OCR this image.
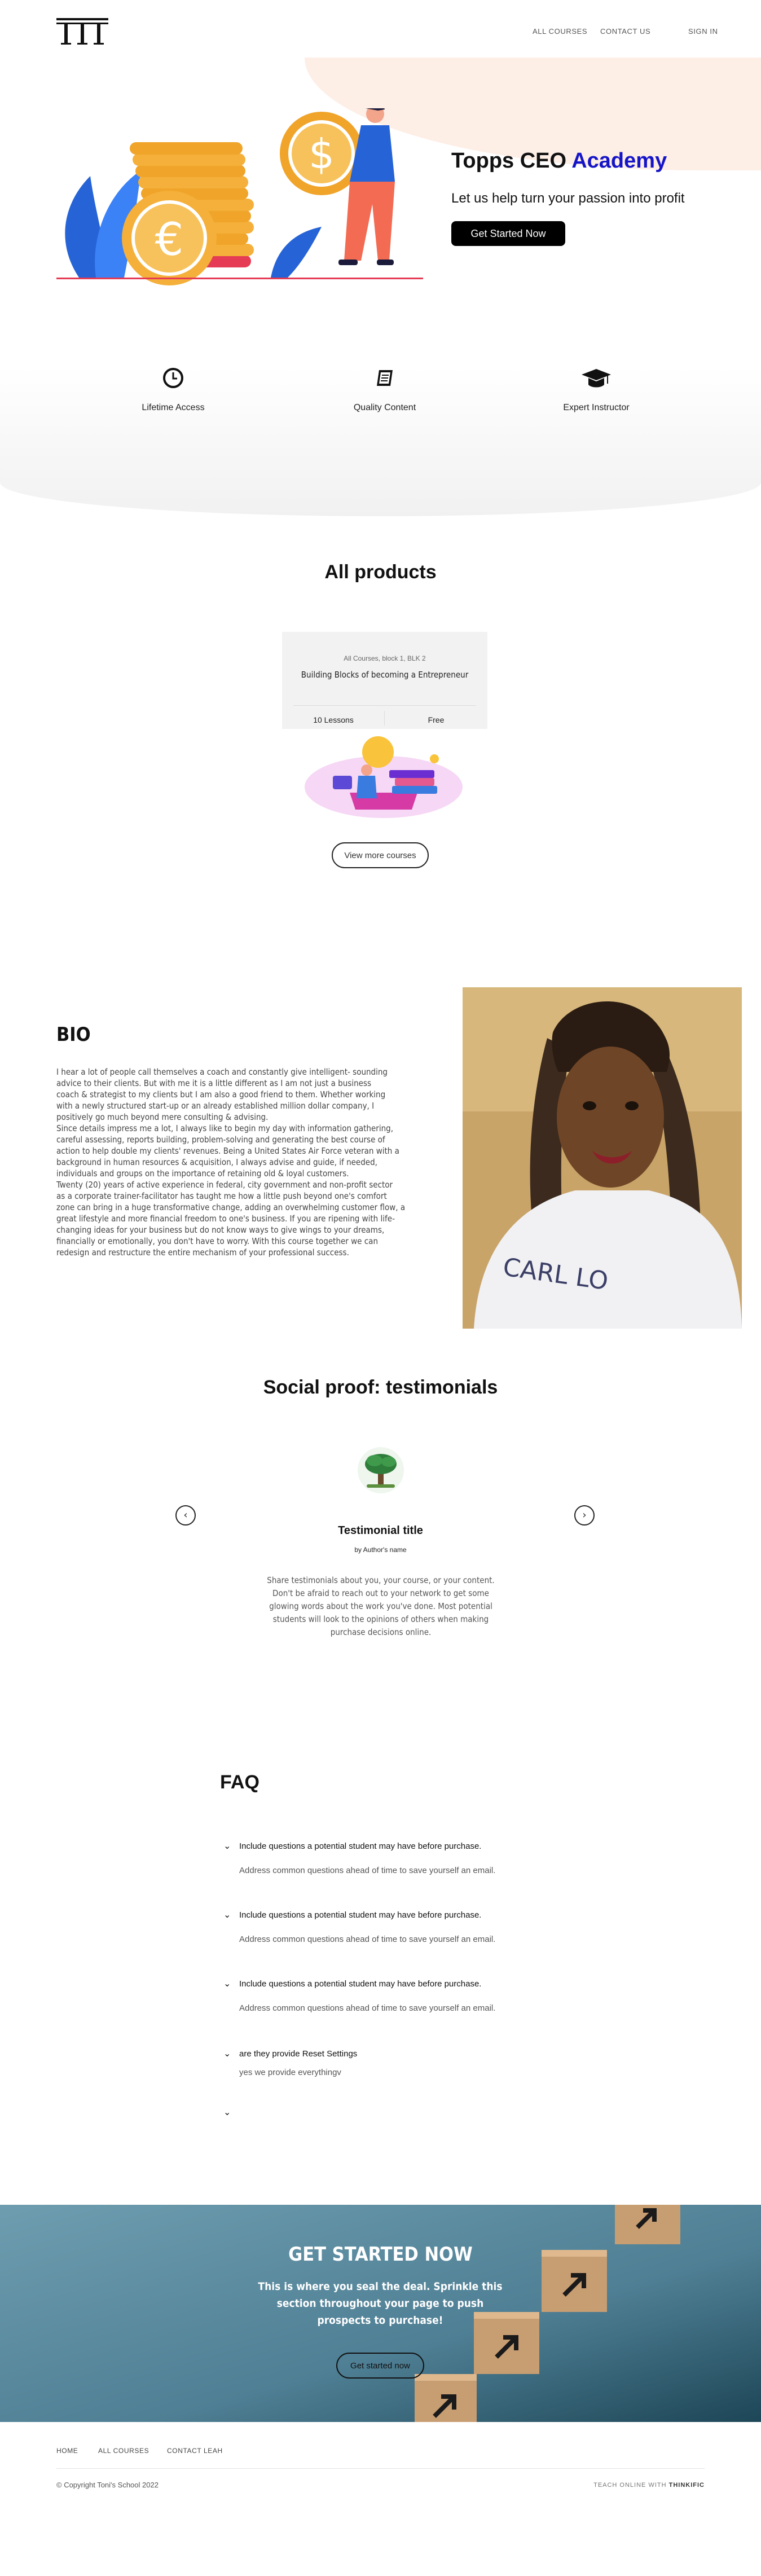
ALL COURSES CONTACT US	SIGN IN
€
$	Topps CEO Academy

Let us help turn your passion into profit

Get Started Now
Lifetime Access	Quality Content	Expert Instructor
All products

All Courses, block 1, BLK 2

Building Blocks of becoming a Entrepreneur

10 Lessons	Free
View more courses
BIO

I hear a lot of people call themselves a coach and constantly give intelligent- sounding

advice to their clients. But with me it is a little different as I am not just a business

coach & strategist to my clients but I am also a good friend to them. Whether working

with a newly structured start-up or an already established million dollar company, I

positively go much beyond mere consulting & advising.

Since details impress me a lot, I always like to begin my day with information gathering,

careful assessing, reports building, problem-solving and generating the best course of

action to help double my clients' revenues. Being a United States Air Force veteran with a

background in human resources & acquisition, I always advise and guide, if needed,

individuals and groups on the importance of retaining old & loyal customers.

Twenty (20) years of active experience in federal, city government and non-profit sector

as a corporate trainer-facilitator has taught me how a little push beyond one's comfort

zone can bring in a huge transformative change, adding an overwhelming customer flow, a

great lifestyle and more financial freedom to one's business. If you are ripening with life-

changing ideas for your business but do not know ways to give wings to your dreams,

financially or emotionally, you don't have to worry. With this course together we can

redesign and restructure the entire mechanism of your professional success.

CARL LO
Social proof: testimonials
‹	›
Testimonial title

by Author's name

Share testimonials about you, your course, or your content. Don't be afraid to reach out to your network to get some glowing words about the work you've done. Most potential students will look to the opinions of others when making purchase decisions online.

FAQ
⌄ Include questions a potential student may have before purchase.
Address common questions ahead of time to save yourself an email.
⌄ Include questions a potential student may have before purchase.
Address common questions ahead of time to save yourself an email.
⌄ Include questions a potential student may have before purchase.
Address common questions ahead of time to save yourself an email.
⌄ are they provide Reset Settings
yes we provide everythingv
⌄
GET STARTED NOW

This is where you seal the deal. Sprinkle this section throughout your page to push prospects to purchase!

Get started now
HOME	ALL COURSES	CONTACT LEAH

© Copyright Toni's School 2022	TEACH ONLINE WITH THINKIFIC
